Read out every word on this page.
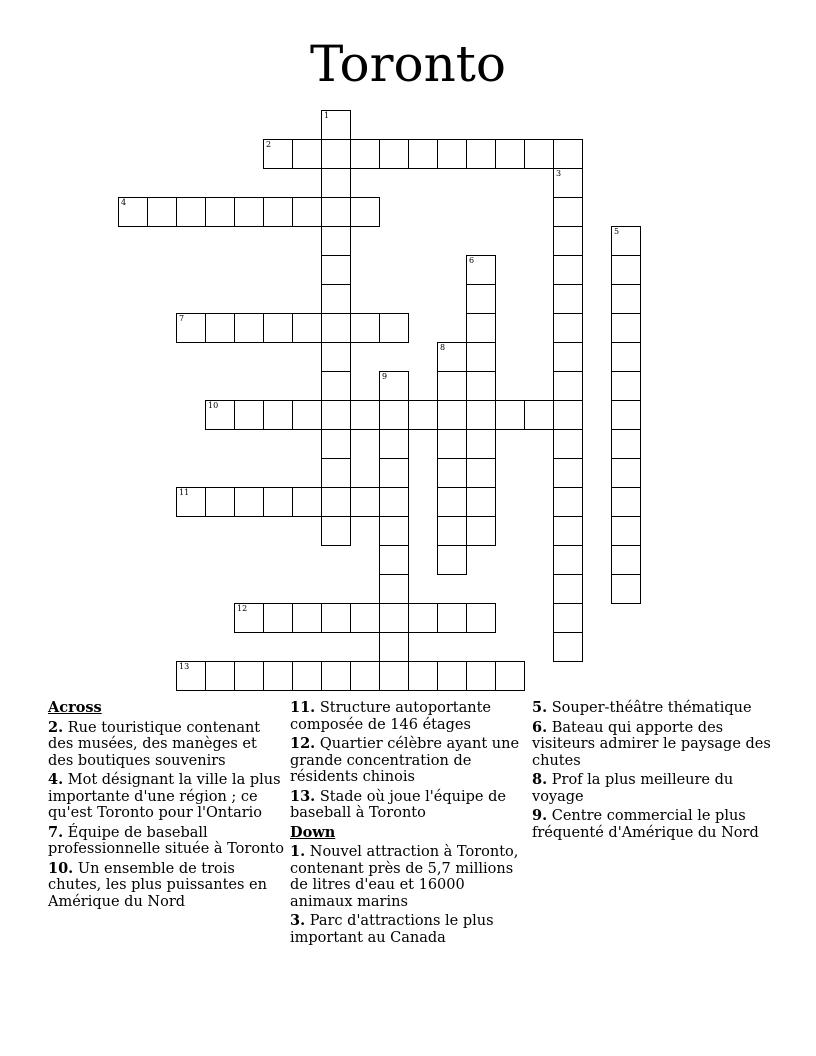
Toronto
1
2
3
4
5
6
7
8
9
10
11
12
13
Across
2. Rue touristique contenant des musées, des manèges et des boutiques souvenirs
4. Mot désignant la ville la plus importante d'une région ; ce qu'est Toronto pour l'Ontario
7. Équipe de baseball professionnelle située à Toronto
10. Un ensemble de trois chutes, les plus puissantes en Amérique du Nord
11. Structure autoportante composée de 146 étages
12. Quartier célèbre ayant une grande concentration de résidents chinois
13. Stade où joue l'équipe de baseball à Toronto
Down
1. Nouvel attraction à Toronto, contenant près de 5,7 millions de litres d'eau et 16000 animaux marins
3. Parc d'attractions le plus important au Canada
5. Souper-théâtre thématique
6. Bateau qui apporte des visiteurs admirer le paysage des chutes
8. Prof la plus meilleure du voyage
9. Centre commercial le plus fréquenté d'Amérique du Nord
